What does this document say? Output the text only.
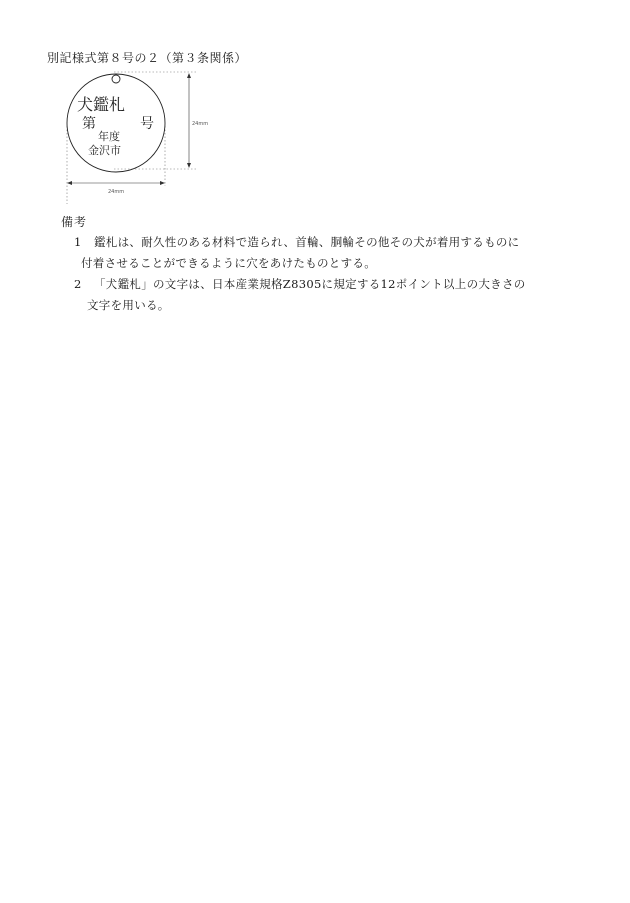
別記様式第８号の２（第３条関係）
犬鑑札
第	号
年度
金沢市
24mm
24mm
備考
1 鑑札は、耐久性のある材料で造られ、首輪、胴輪その他その犬が着用するものに
付着させることができるように穴をあけたものとする。
2 「犬鑑札」の文字は、日本産業規格Z8305に規定する12ポイント以上の大きさの
文字を用いる。
